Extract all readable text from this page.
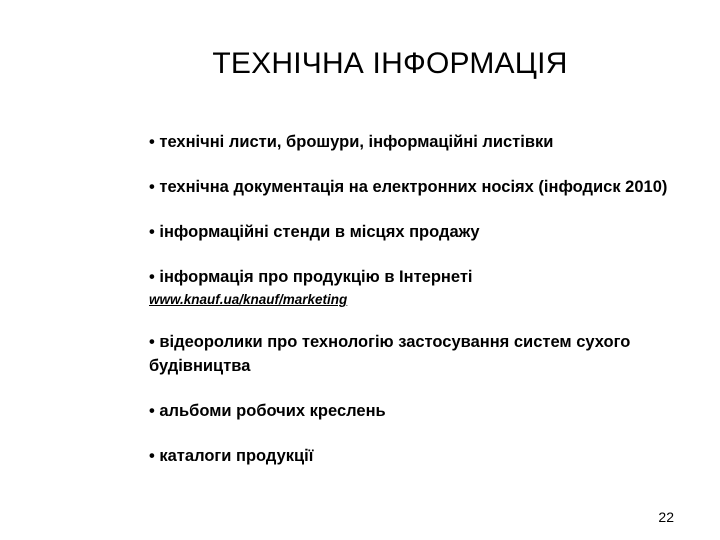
ТЕХНІЧНА ІНФОРМАЦІЯ
• технічні листи, брошури, інформаційні листівки
• технічна документація на електронних носіях (інфодиск 2010)
• інформаційні стенди в місцях продажу
• інформація про продукцію в Інтернеті
www.knauf.ua/knauf/marketing
• відеоролики про технологію застосування систем сухого будівництва
• альбоми робочих креслень
• каталоги продукції
22
